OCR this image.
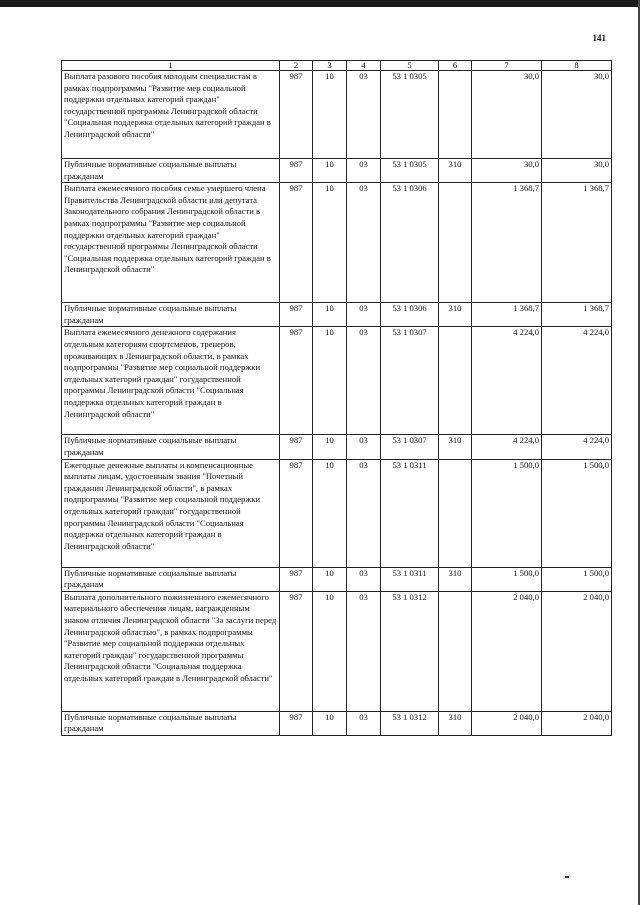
141
1	2	3	4	5	6	7	8
Выплата разового пособия молодым специалистам в рамках подпрограммы "Развитие мер социальной поддержки отдельных категорий граждан" государственной программы Ленинградской области "Социальная поддержка отдельных категорий граждан в Ленинградской области"	987	10	03	53 1 0305		30,0	30,0
Публичные нормативные социальные выплаты гражданам	987	10	03	53 1 0305	310	30,0	30,0
Выплата ежемесячного пособия семье умершего члена Правительства Ленинградской области или депутата Законодательного собрания Ленинградской области в рамках подпрограммы "Развитие мер социальной поддержки отдельных категорий граждан" государственной программы Ленинградской области "Социальная поддержка отдельных категорий граждан в Ленинградской области"	987	10	03	53 1 0306		1 368,7	1 368,7
Публичные нормативные социальные выплаты гражданам	987	10	03	53 1 0306	310	1 368,7	1 368,7
Выплата ежемесячного денежного содержания отдельным категориям спортсменов, тренеров, проживающих в Ленинградской области, в рамках подпрограммы "Развитие мер социальной поддержки отдельных категорий граждан" государственной программы Ленинградской области "Социальная поддержка отдельных категорий граждан в Ленинградской области"	987	10	03	53 1 0307		4 224,0	4 224,0
Публичные нормативные социальные выплаты гражданам	987	10	03	53 1 0307	310	4 224,0	4 224,0
Ежегодные денежные выплаты и компенсационные выплаты лицам, удостоенным звания "Почетный гражданин Ленинградской области", в рамках подпрограммы "Развитие мер социальной поддержки отдельных категорий граждан" государственной программы Ленинградской области "Социальная поддержка отдельных категорий граждан в Ленинградской области"	987	10	03	53 1 0311		1 500,0	1 500,0
Публичные нормативные социальные выплаты гражданам	987	10	03	53 1 0311	310	1 500,0	1 500,0
Выплата дополнительного пожизненного ежемесячного материального обеспечения лицам, награжденным знаком отличия Ленинградской области "За заслуги перед Ленинградской областью", в рамках подпрограммы "Развитие мер социальной поддержки отдельных категорий граждан" государственной программы Ленинградской области "Социальная поддержка отдельных категорий граждан в Ленинградской области"	987	10	03	53 1 0312		2 040,0	2 040,0
Публичные нормативные социальные выплаты гражданам	987	10	03	53 1 0312	310	2 040,0	2 040,0
